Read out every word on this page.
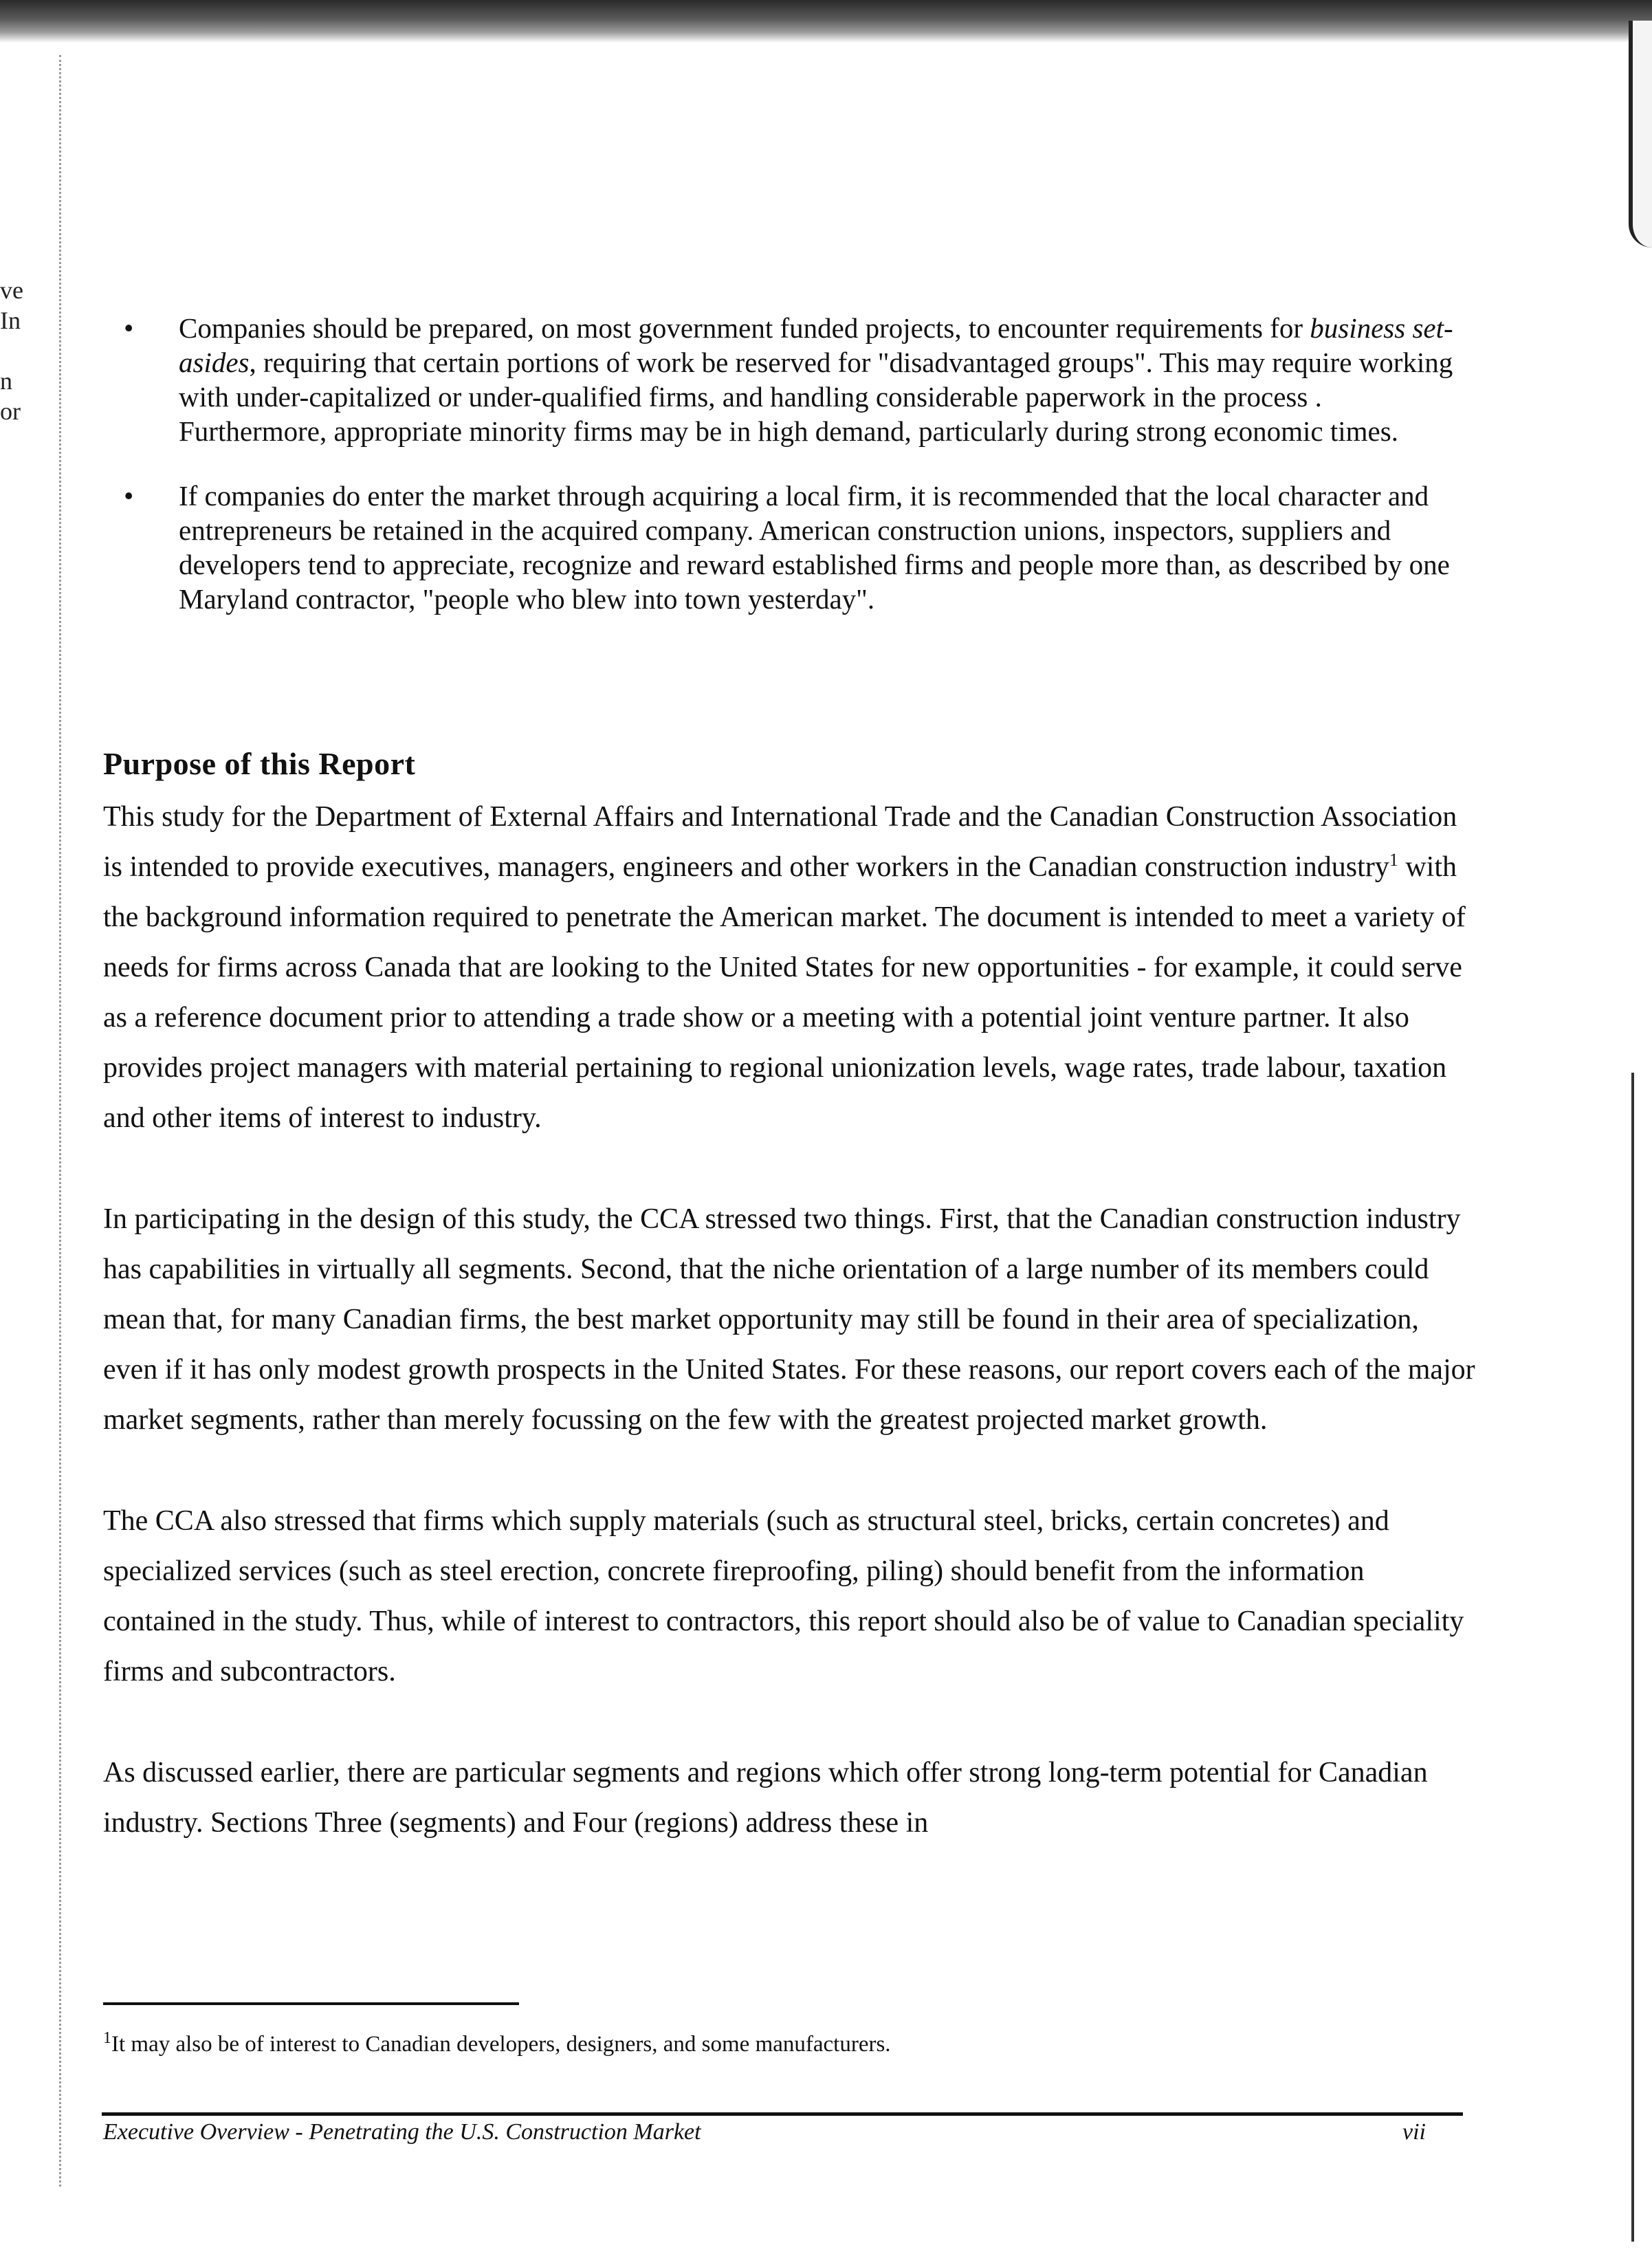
ve
In
n
or
• Companies should be prepared, on most government funded projects, to encounter requirements for business set-asides, requiring that certain portions of work be reserved for "disadvantaged groups". This may require working with under-capitalized or under-qualified firms, and handling considerable paperwork in the process . Furthermore, appropriate minority firms may be in high demand, particularly during strong economic times.
• If companies do enter the market through acquiring a local firm, it is recommended that the local character and entrepreneurs be retained in the acquired company. American construction unions, inspectors, suppliers and developers tend to appreciate, recognize and reward established firms and people more than, as described by one Maryland contractor, "people who blew into town yesterday".
Purpose of this Report

This study for the Department of External Affairs and International Trade and the Canadian Construction Association is intended to provide executives, managers, engineers and other workers in the Canadian construction industry$^1$ with the background information required to penetrate the American market. The document is intended to meet a variety of needs for firms across Canada that are looking to the United States for new opportunities - for example, it could serve as a reference document prior to attending a trade show or a meeting with a potential joint venture partner. It also provides project managers with material pertaining to regional unionization levels, wage rates, trade labour, taxation and other items of interest to industry.

In participating in the design of this study, the CCA stressed two things. First, that the Canadian construction industry has capabilities in virtually all segments. Second, that the niche orientation of a large number of its members could mean that, for many Canadian firms, the best market opportunity may still be found in their area of specialization, even if it has only modest growth prospects in the United States. For these reasons, our report covers each of the major market segments, rather than merely focussing on the few with the greatest projected market growth.

The CCA also stressed that firms which supply materials (such as structural steel, bricks, certain concretes) and specialized services (such as steel erection, concrete fireproofing, piling) should benefit from the information contained in the study. Thus, while of interest to contractors, this report should also be of value to Canadian speciality firms and subcontractors.

As discussed earlier, there are particular segments and regions which offer strong long-term potential for Canadian industry. Sections Three (segments) and Four (regions) address these in

$^1$It may also be of interest to Canadian developers, designers, and some manufacturers.

Executive Overview - Penetrating the U.S. Construction Market	vii
